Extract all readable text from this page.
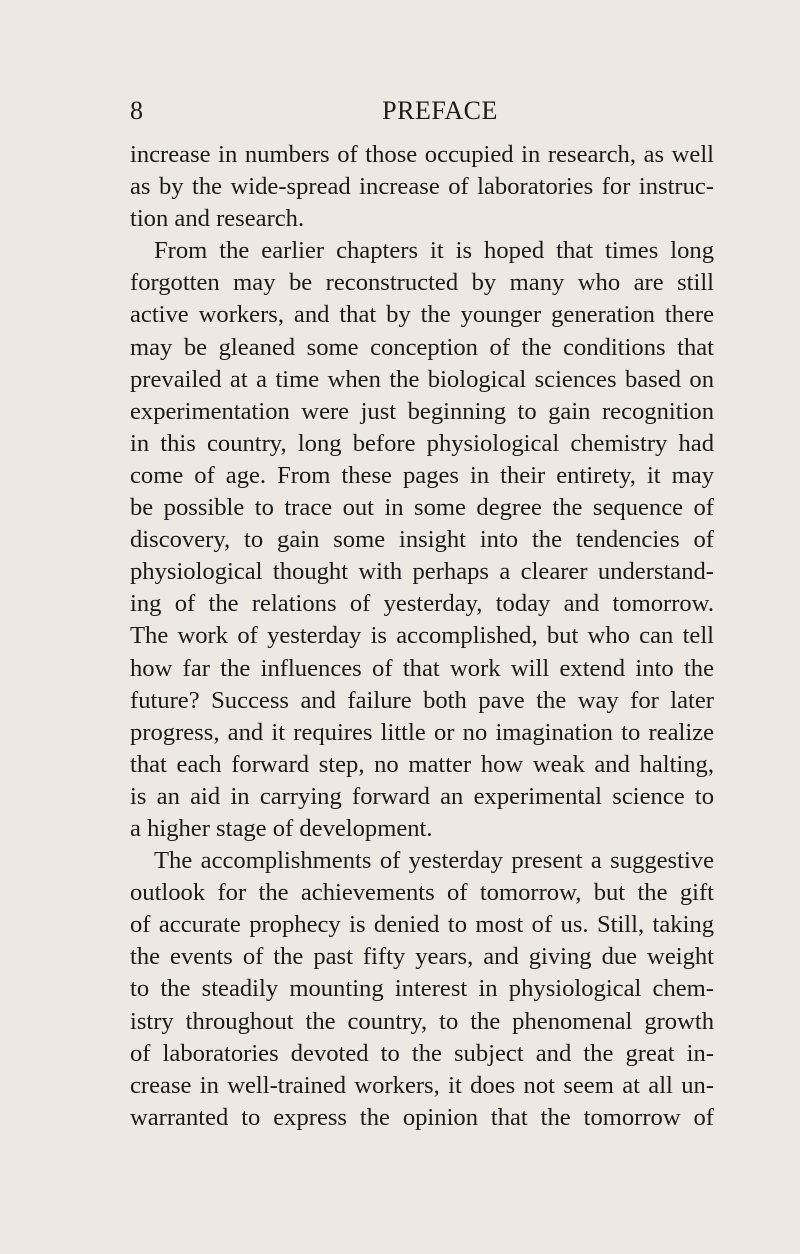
8	PREFACE
increase in numbers of those occupied in research, as well
as by the wide-spread increase of laboratories for instruc-
tion and research.
From the earlier chapters it is hoped that times long
forgotten may be reconstructed by many who are still
active workers, and that by the younger generation there
may be gleaned some conception of the conditions that
prevailed at a time when the biological sciences based on
experimentation were just beginning to gain recognition
in this country, long before physiological chemistry had
come of age. From these pages in their entirety, it may
be possible to trace out in some degree the sequence of
discovery, to gain some insight into the tendencies of
physiological thought with perhaps a clearer understand-
ing of the relations of yesterday, today and tomorrow.
The work of yesterday is accomplished, but who can tell
how far the influences of that work will extend into the
future? Success and failure both pave the way for later
progress, and it requires little or no imagination to realize
that each forward step, no matter how weak and halting,
is an aid in carrying forward an experimental science to
a higher stage of development.
The accomplishments of yesterday present a suggestive
outlook for the achievements of tomorrow, but the gift
of accurate prophecy is denied to most of us. Still, taking
the events of the past fifty years, and giving due weight
to the steadily mounting interest in physiological chem-
istry throughout the country, to the phenomenal growth
of laboratories devoted to the subject and the great in-
crease in well-trained workers, it does not seem at all un-
warranted to express the opinion that the tomorrow of
